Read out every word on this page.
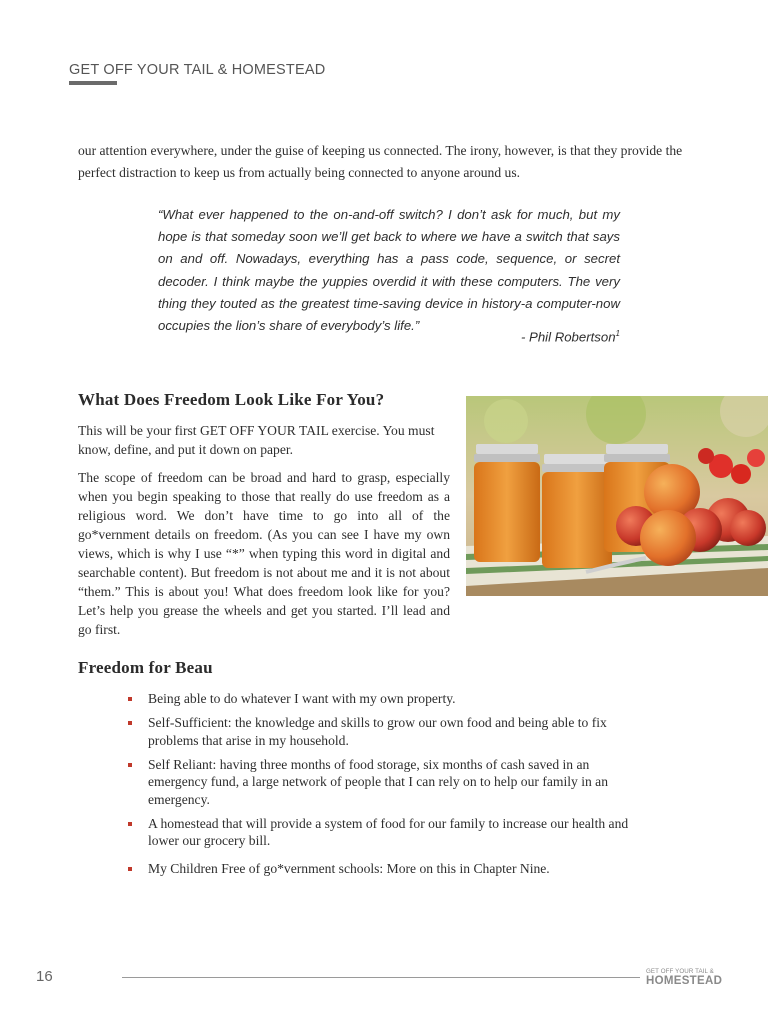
GET OFF YOUR TAIL & HOMESTEAD
our attention everywhere, under the guise of keeping us connected. The irony, however, is that they provide the perfect distraction to keep us from actually being connected to anyone around us.
“What ever happened to the on-and-off switch? I don’t ask for much, but my hope is that someday soon we’ll get back to where we have a switch that says on and off. Nowadays, everything has a pass code, sequence, or secret decoder. I think maybe the yuppies overdid it with these computers. The very thing they touted as the greatest time-saving device in history-a computer-now occupies the lion’s share of everybody’s life.”
- Phil Robertson$^1$
What Does Freedom Look Like For You?
This will be your first GET OFF YOUR TAIL exercise. You must know, define, and put it down on paper.
The scope of freedom can be broad and hard to grasp, especially when you begin speaking to those that really do use freedom as a religious word. We don’t have time to go into all of the go*vernment details on freedom. (As you can see I have my own views, which is why I use “*” when typing this word in digital and searchable content). But freedom is not about me and it is not about “them.” This is about you! What does freedom look like for you? Let’s help you grease the wheels and get you started. I’ll lead and go first.
Freedom for Beau
Being able to do whatever I want with my own property.
Self-Sufficient: the knowledge and skills to grow our own food and being able to fix problems that arise in my household.
Self Reliant: having three months of food storage, six months of cash saved in an emergency fund, a large network of people that I can rely on to help our family in an emergency.
A homestead that will provide a system of food for our family to increase our health and lower our grocery bill.
My Children Free of go*vernment schools: More on this in Chapter Nine.
16	GET OFF YOUR TAIL &
HOMESTEAD
